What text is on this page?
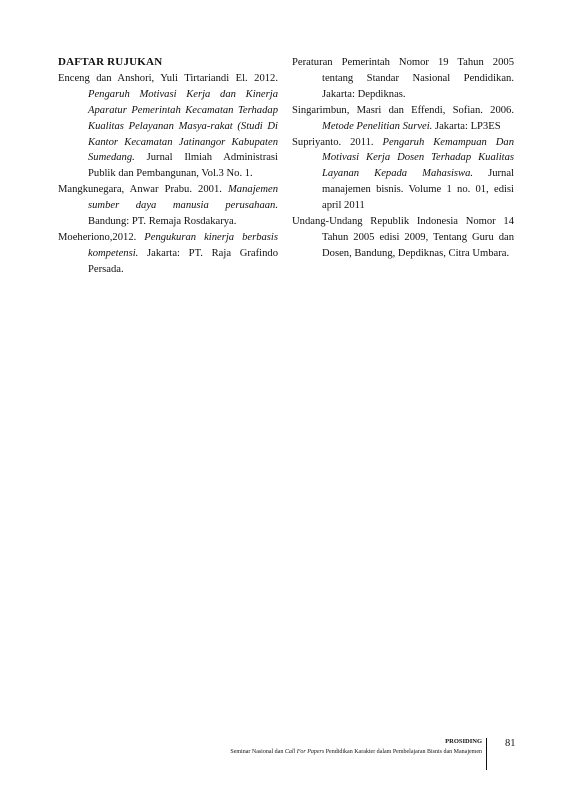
DAFTAR RUJUKAN

Enceng dan Anshori, Yuli Tirtariandi El. 2012. Pengaruh Motivasi Kerja dan Kinerja Aparatur Pemerintah Kecamatan Terhadap Kualitas Pelayanan Masya-rakat (Studi Di Kantor Kecamatan Jatinangor Kabupaten Sumedang. Jurnal Ilmiah Administrasi Publik dan Pembangunan, Vol.3 No. 1.

Mangkunegara, Anwar Prabu. 2001. Manajemen sumber daya manusia perusahaan. Bandung: PT. Remaja Rosdakarya.

Moeheriono,2012. Pengukuran kinerja berbasis kompetensi. Jakarta: PT. Raja Grafindo Persada.

Peraturan Pemerintah Nomor 19 Tahun 2005 tentang Standar Nasional Pendidikan. Jakarta: Depdiknas.

Singarimbun, Masri dan Effendi, Sofian. 2006. Metode Penelitian Survei. Jakarta: LP3ES

Supriyanto. 2011. Pengaruh Kemampuan Dan Motivasi Kerja Dosen Terhadap Kualitas Layanan Kepada Mahasiswa. Jurnal manajemen bisnis. Volume 1 no. 01, edisi april 2011

Undang-Undang Republik Indonesia Nomor 14 Tahun 2005 edisi 2009, Tentang Guru dan Dosen, Bandung, Depdiknas, Citra Umbara.

PROSIDING
Seminar Nasional dan Call For Papers Pendidikan Karakter dalam Pembelajaran Bisnis dan Manajemen
81
